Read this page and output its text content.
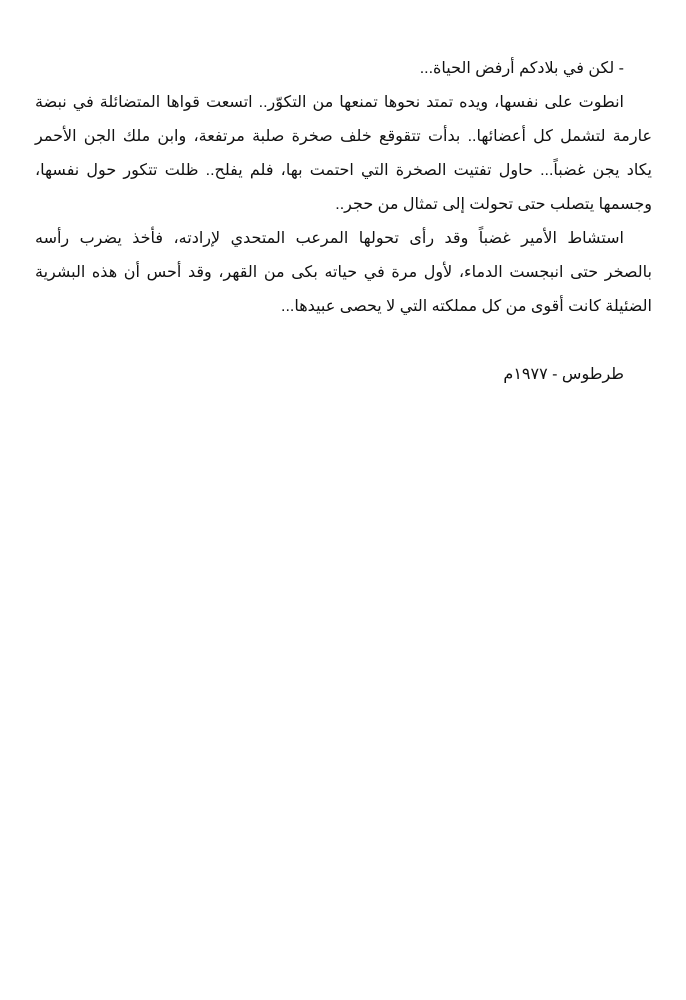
- لكن في بلادكم أرفض الحياة...
انطوت على نفسها، ويده تمتد نحوها تمنعها من التكوّر.. اتسعت قواها المتضائلة في نبضة
عارمة لتشمل كل أعضائها.. بدأت تتقوقع خلف صخرة صلبة مرتفعة، وابن ملك الجن الأحمر
يكاد يجن غضباً... حاول تفتيت الصخرة التي احتمت بها، فلم يفلح.. ظلت تتكور حول نفسها،
وجسمها يتصلب حتى تحولت إلى تمثال من حجر..
استشاط الأمير غضباً وقد رأى تحولها المرعب المتحدي لإرادته، فأخذ يضرب رأسه
بالصخر حتى انبجست الدماء، لأول مرة في حياته بكى من القهر، وقد أحس أن هذه البشرية
الضئيلة كانت أقوى من كل مملكته التي لا يحصى عبيدها...
طرطوس - ١٩٧٧م
